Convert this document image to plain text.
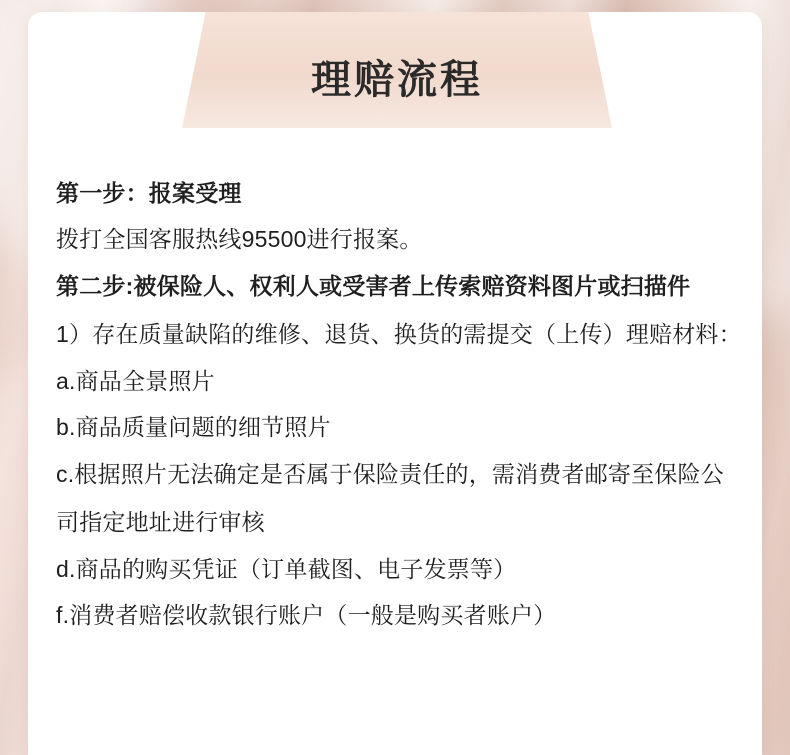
理赔流程
第一步：报案受理
拨打全国客服热线95500进行报案。
第二步:被保险人、权利人或受害者上传索赔资料图片或扫描件
1）存在质量缺陷的维修、退货、换货的需提交（上传）理赔材料：
a.商品全景照片
b.商品质量问题的细节照片
c.根据照片无法确定是否属于保险责任的，需消费者邮寄至保险公司指定地址进行审核
d.商品的购买凭证（订单截图、电子发票等）
f.消费者赔偿收款银行账户（一般是购买者账户）
